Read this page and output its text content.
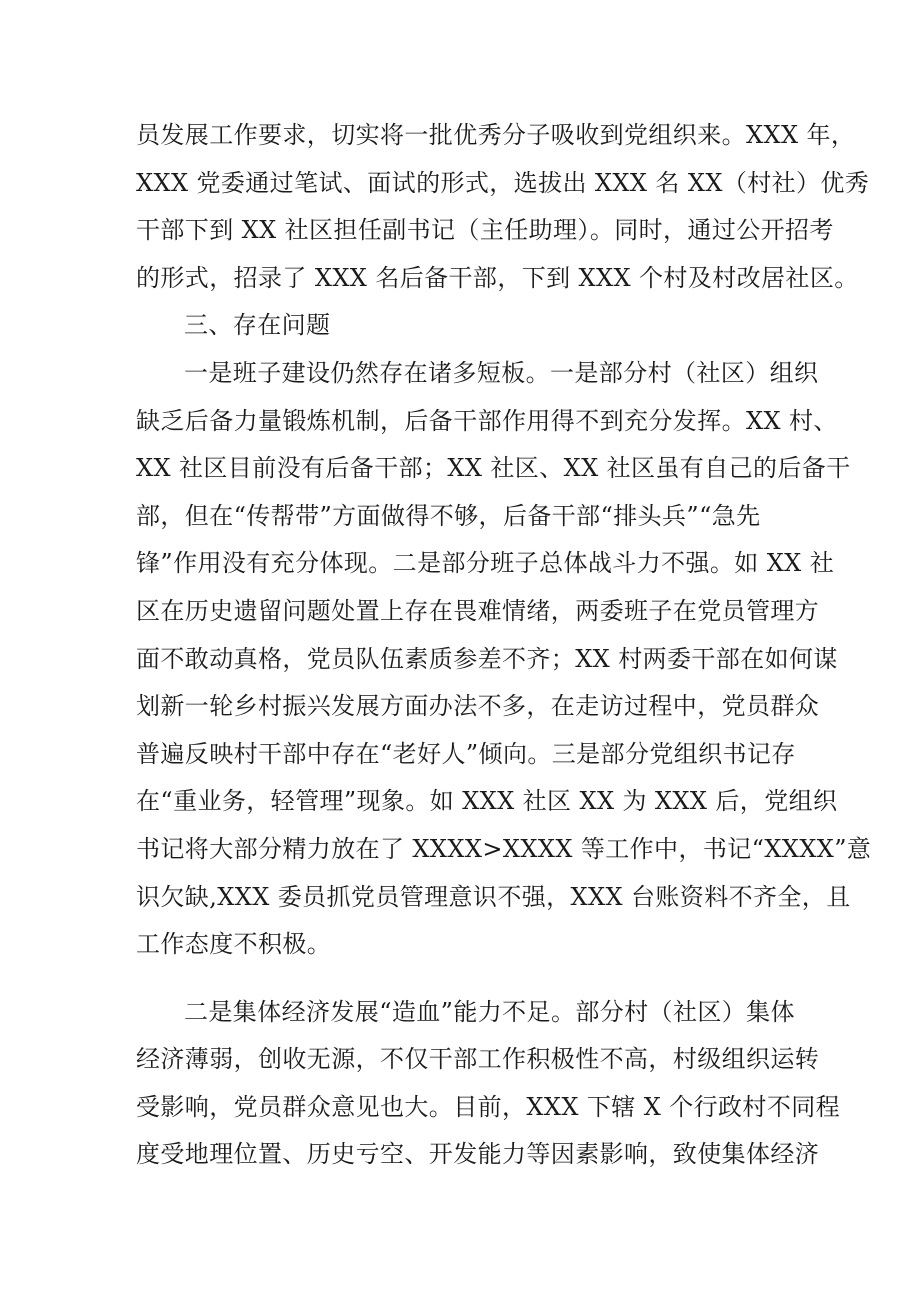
员发展工作要求，切实将一批优秀分子吸收到党组织来。XXX 年，
XXX 党委通过笔试、面试的形式，选拔出 XXX 名 XX（村社）优秀
干部下到 XX 社区担任副书记（主任助理）。同时，通过公开招考
的形式，招录了 XXX 名后备干部，下到 XXX 个村及村改居社区。
三、存在问题
一是班子建设仍然存在诸多短板。一是部分村（社区）组织
缺乏后备力量锻炼机制，后备干部作用得不到充分发挥。XX 村、
XX 社区目前没有后备干部；XX 社区、XX 社区虽有自己的后备干
部，但在“传帮带”方面做得不够，后备干部“排头兵”“急先
锋”作用没有充分体现。二是部分班子总体战斗力不强。如 XX 社
区在历史遗留问题处置上存在畏难情绪，两委班子在党员管理方
面不敢动真格，党员队伍素质参差不齐；XX 村两委干部在如何谋
划新一轮乡村振兴发展方面办法不多，在走访过程中，党员群众
普遍反映村干部中存在“老好人”倾向。三是部分党组织书记存
在“重业务，轻管理”现象。如 XXX 社区 XX 为 XXX 后，党组织
书记将大部分精力放在了 XXXX>XXXX 等工作中，书记“XXXX”意
识欠缺,XXX 委员抓党员管理意识不强，XXX 台账资料不齐全，且
工作态度不积极。
二是集体经济发展“造血”能力不足。部分村（社区）集体
经济薄弱，创收无源，不仅干部工作积极性不高，村级组织运转
受影响，党员群众意见也大。目前，XXX 下辖 X 个行政村不同程
度受地理位置、历史亏空、开发能力等因素影响，致使集体经济
